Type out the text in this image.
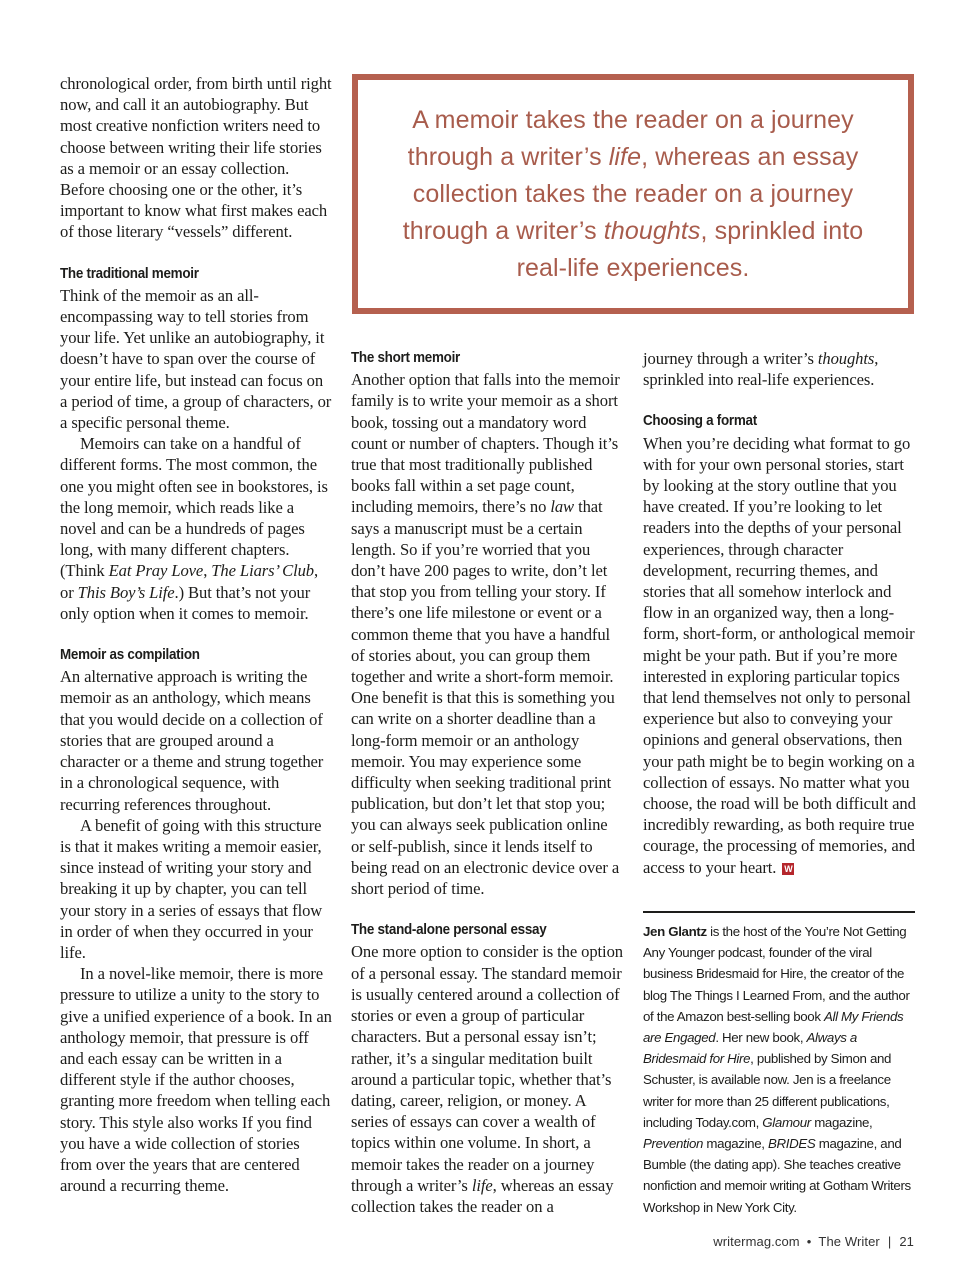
chronological order, from birth until right now, and call it an autobiography. But most creative nonfiction writers need to choose between writing their life stories as a memoir or an essay collection. Before choosing one or the other, it’s important to know what first makes each of those literary “vessels” different.

The traditional memoir

Think of the memoir as an all-encompassing way to tell stories from your life. Yet unlike an autobiography, it doesn’t have to span over the course of your entire life, but instead can focus on a period of time, a group of characters, or a specific personal theme.

Memoirs can take on a handful of different forms. The most common, the one you might often see in bookstores, is the long memoir, which reads like a novel and can be a hundreds of pages long, with many different chapters. (Think Eat Pray Love, The Liars’ Club, or This Boy’s Life.) But that’s not your only option when it comes to memoir.

Memoir as compilation

An alternative approach is writing the memoir as an anthology, which means that you would decide on a collection of stories that are grouped around a character or a theme and strung together in a chronological sequence, with recurring references throughout.

A benefit of going with this structure is that it makes writing a memoir easier, since instead of writing your story and breaking it up by chapter, you can tell your story in a series of essays that flow in order of when they occurred in your life.

In a novel-like memoir, there is more pressure to utilize a unity to the story to give a unified experience of a book. In an anthology memoir, that pressure is off and each essay can be written in a different style if the author chooses, granting more freedom when telling each story. This style also works If you find you have a wide collection of stories from over the years that are centered around a recurring theme.

A memoir takes the reader on a journey through a writer’s life, whereas an essay collection takes the reader on a journey through a writer’s thoughts, sprinkled into real-life experiences.

The short memoir

Another option that falls into the memoir family is to write your memoir as a short book, tossing out a mandatory word count or number of chapters. Though it’s true that most traditionally published books fall within a set page count, including memoirs, there’s no law that says a manuscript must be a certain length. So if you’re worried that you don’t have 200 pages to write, don’t let that stop you from telling your story. If there’s one life milestone or event or a common theme that you have a handful of stories about, you can group them together and write a short-form memoir. One benefit is that this is something you can write on a shorter deadline than a long-form memoir or an anthology memoir. You may experience some difficulty when seeking traditional print publication, but don’t let that stop you; you can always seek publication online or self-publish, since it lends itself to being read on an electronic device over a short period of time.

The stand-alone personal essay

One more option to consider is the option of a personal essay. The standard memoir is usually centered around a collection of stories or even a group of particular characters. But a personal essay isn’t; rather, it’s a singular meditation built around a particular topic, whether that’s dating, career, religion, or money. A series of essays can cover a wealth of topics within one volume. In short, a memoir takes the reader on a journey through a writer’s life, whereas an essay collection takes the reader on a

journey through a writer’s thoughts, sprinkled into real-life experiences.

Choosing a format

When you’re deciding what format to go with for your own personal stories, start by looking at the story outline that you have created. If you’re looking to let readers into the depths of your personal experiences, through character development, recurring themes, and stories that all somehow interlock and flow in an organized way, then a long-form, short-form, or anthological memoir might be your path. But if you’re more interested in exploring particular topics that lend themselves not only to personal experience but also to conveying your opinions and general observations, then your path might be to begin working on a collection of essays. No matter what you choose, the road will be both difficult and incredibly rewarding, as both require true courage, the processing of memories, and access to your heart. W

Jen Glantz is the host of the You’re Not Getting Any Younger podcast, founder of the viral business Bridesmaid for Hire, the creator of the blog The Things I Learned From, and the author of the Amazon best-selling book All My Friends are Engaged. Her new book, Always a Bridesmaid for Hire, published by Simon and Schuster, is available now. Jen is a freelance writer for more than 25 different publications, including Today.com, Glamour magazine, Prevention magazine, BRIDES magazine, and Bumble (the dating app). She teaches creative nonfiction and memoir writing at Gotham Writers Workshop in New York City.

writermag.com • The Writer | 21
